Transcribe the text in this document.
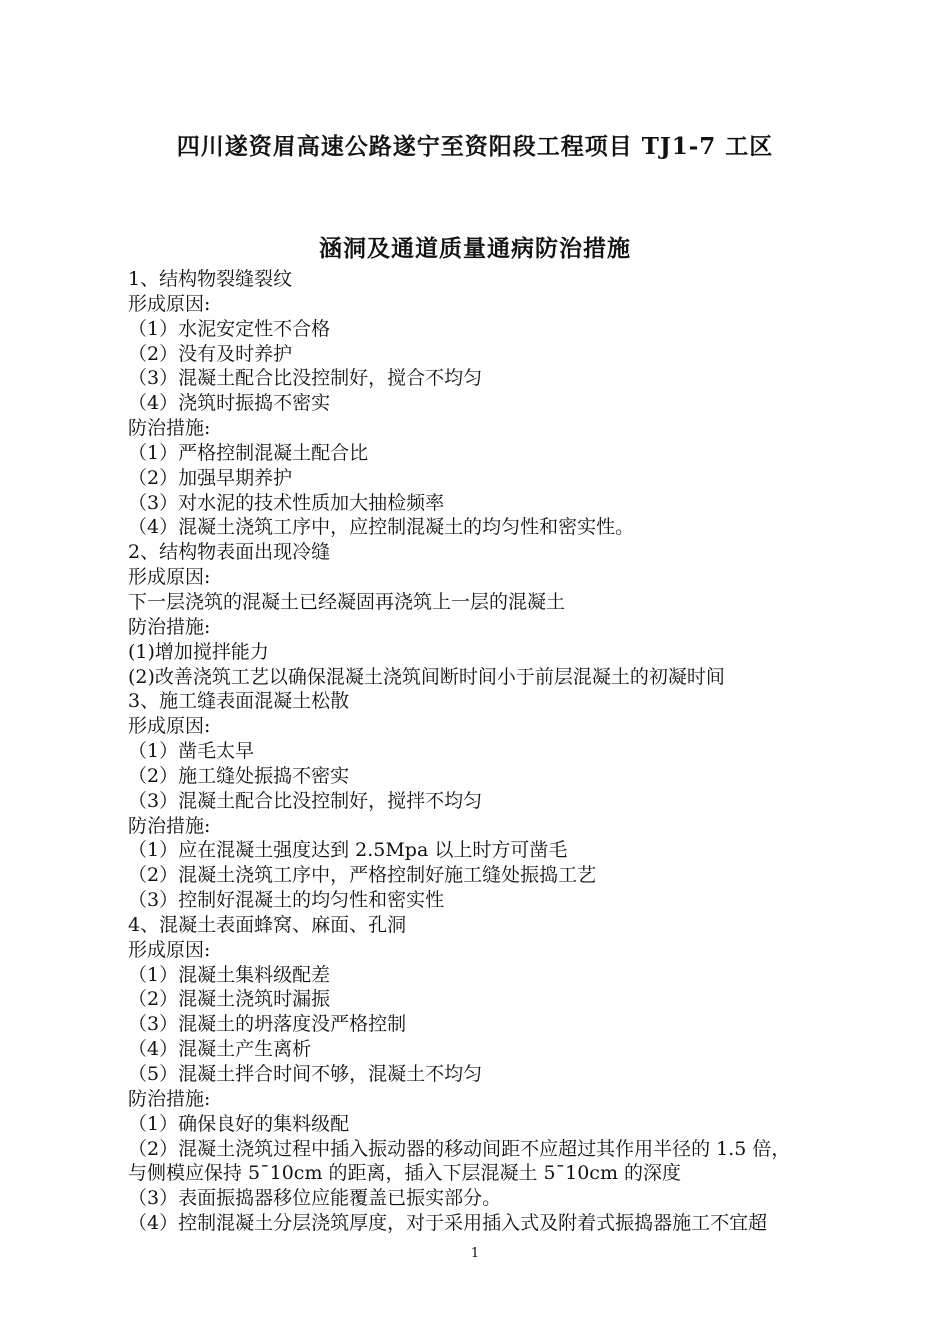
四川遂资眉高速公路遂宁至资阳段工程项目 TJ1-7 工区
涵洞及通道质量通病防治措施
1、结构物裂缝裂纹
形成原因:
（1）水泥安定性不合格
（2）没有及时养护
（3）混凝土配合比没控制好，搅合不均匀
（4）浇筑时振捣不密实
防治措施:
（1）严格控制混凝土配合比
（2）加强早期养护
（3）对水泥的技术性质加大抽检频率
（4）混凝土浇筑工序中，应控制混凝土的均匀性和密实性。
2、结构物表面出现冷缝
形成原因:
下一层浇筑的混凝土已经凝固再浇筑上一层的混凝土
防治措施:
(1)增加搅拌能力
(2)改善浇筑工艺以确保混凝土浇筑间断时间小于前层混凝土的初凝时间
3、施工缝表面混凝土松散
形成原因:
（1）凿毛太早
（2）施工缝处振捣不密实
（3）混凝土配合比没控制好，搅拌不均匀
防治措施:
（1）应在混凝土强度达到 2.5Mpa 以上时方可凿毛
（2）混凝土浇筑工序中，严格控制好施工缝处振捣工艺
（3）控制好混凝土的均匀性和密实性
4、混凝土表面蜂窝、麻面、孔洞
形成原因:
（1）混凝土集料级配差
（2）混凝土浇筑时漏振
（3）混凝土的坍落度没严格控制
（4）混凝土产生离析
（5）混凝土拌合时间不够，混凝土不均匀
防治措施:
（1）确保良好的集料级配
（2）混凝土浇筑过程中插入振动器的移动间距不应超过其作用半径的 1.5 倍，
与侧模应保持 5¯10cm 的距离，插入下层混凝土 5¯10cm 的深度
（3）表面振捣器移位应能覆盖已振实部分。
（4）控制混凝土分层浇筑厚度，对于采用插入式及附着式振捣器施工不宜超
1
